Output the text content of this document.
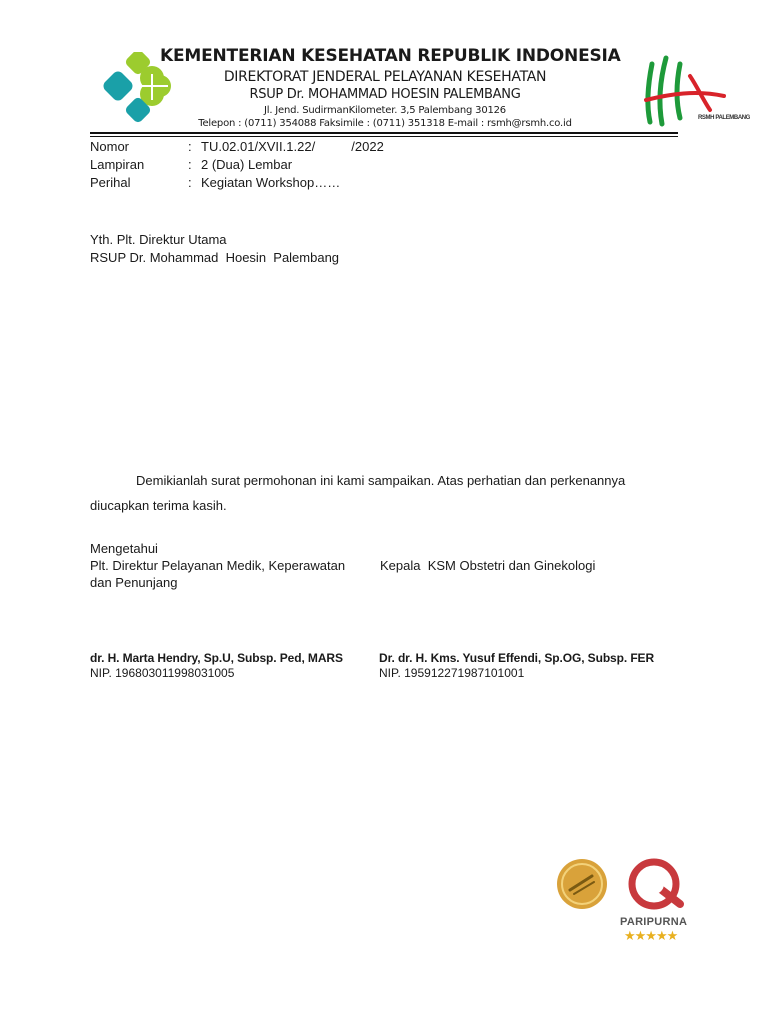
KEMENTERIAN KESEHATAN REPUBLIK INDONESIA
DIREKTORAT JENDERAL PELAYANAN KESEHATAN
RSUP Dr. MOHAMMAD HOESIN PALEMBANG
Jl. Jend. SudirmanKilometer. 3,5 Palembang 30126
Telepon : (0711) 354088 Faksimile : (0711) 351318 E-mail : rsmh@rsmh.co.id	RSMH PALEMBANG
Nomor	: TU.02.01/XVII.1.22/          /2022
Lampiran	: 2 (Dua) Lembar
Perihal	: Kegiatan Workshop……
Yth. Plt. Direktur Utama
RSUP Dr. Mohammad  Hoesin  Palembang
Demikianlah surat permohonan ini kami sampaikan. Atas perhatian dan perkenannya
diucapkan terima kasih.
Mengetahui
Plt. Direktur Pelayanan Medik, Keperawatan
dan Penunjang
Kepala  KSM Obstetri dan Ginekologi
dr. H. Marta Hendry, Sp.U, Subsp. Ped, MARS
NIP. 196803011998031005
Dr. dr. H. Kms. Yusuf Effendi, Sp.OG, Subsp. FER
NIP. 195912271987101001
PARIPURNA
★★★★★
